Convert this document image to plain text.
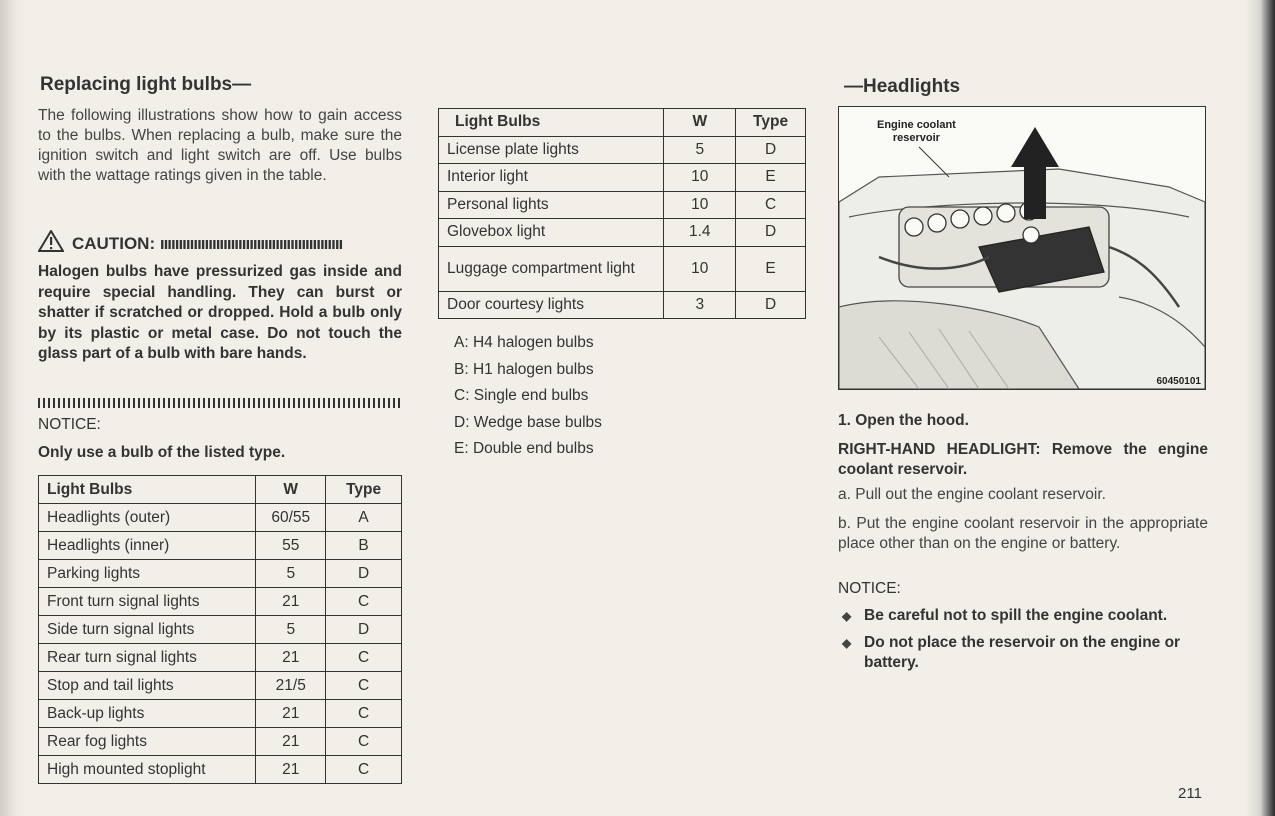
Replacing light bulbs—

The following illustrations show how to gain access to the bulbs. When replacing a bulb, make sure the ignition switch and light switch are off. Use bulbs with the wattage ratings given in the table.

CAUTION: ııııııııııııııııııııııııııııııııııııııııııııııııı

Halogen bulbs have pressurized gas inside and require special handling. They can burst or shatter if scratched or dropped. Hold a bulb only by its plastic or metal case. Do not touch the glass part of a bulb with bare hands.

NOTICE:
Only use a bulb of the listed type.
Light Bulbs	W	Type
Headlights (outer)	60/55	A
Headlights (inner)	55	B
Parking lights	5	D
Front turn signal lights	21	C
Side turn signal lights	5	D
Rear turn signal lights	21	C
Stop and tail lights	21/5	C
Back-up lights	21	C
Rear fog lights	21	C
High mounted stoplight	21	C
Light Bulbs	W	Type
License plate lights	5	D
Interior light	10	E
Personal lights	10	C
Glovebox light	1.4	D
Luggage compartment light	10	E
Door courtesy lights	3	D
A: H4 halogen bulbs
B: H1 halogen bulbs
C: Single end bulbs
D: Wedge base bulbs
E: Double end bulbs
—Headlights
Engine coolant
reservoir
60450101
1. Open the hood.

RIGHT-HAND HEADLIGHT: Remove the engine coolant reservoir.

a. Pull out the engine coolant reservoir.

b. Put the engine coolant reservoir in the appropriate place other than on the engine or battery.

NOTICE:
◆ Be careful not to spill the engine coolant.
◆ Do not place the reservoir on the engine or battery.
211
